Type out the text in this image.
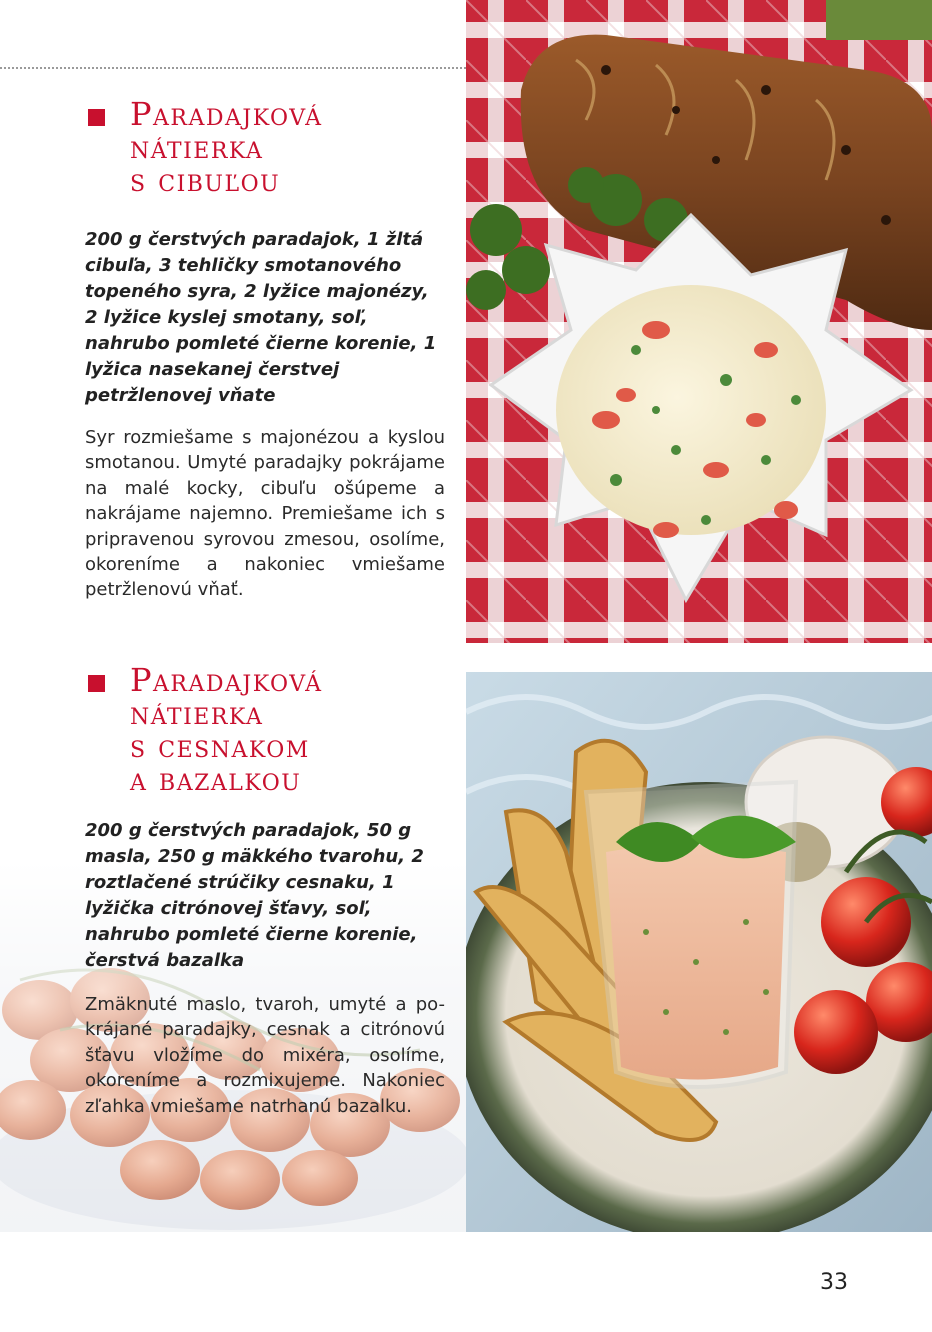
Paradajková
nátierka
s cibuľou
200 g čerstvých paradajok, 1 žltá cibuľa, 3 tehličky smotanového topeného syra, 2 lyžice majonézy, 2 lyžice kyslej smotany, soľ, nahrubo pomleté čierne korenie, 1 lyžica nasekanej čerstvej petržlenovej vňate
Syr rozmiešame s majonézou a kyslou smotanou. Umyté paradajky pokrájame na malé kocky, cibuľu ošúpeme a nakrájame najemno. Premiešame ich s pripravenou syrovou zmesou, osolíme, okoreníme a nakoniec vmiešame petržlenovú vňať.
Paradajková
nátierka
s cesnakom
a bazalkou
200 g čerstvých paradajok, 50 g masla, 250 g mäkkého tvarohu, 2 roztlačené strúčiky cesnaku, 1 lyžička citrónovej šťavy, soľ, nahrubo pomleté čierne korenie, čerstvá bazalka
Zmäknuté maslo, tvaroh, umyté a po-krájané paradajky, cesnak a citrónovú šťavu vložíme do mixéra, osolíme, okoreníme a rozmixujeme. Nakoniec zľahka vmiešame natrhanú bazalku.
33
